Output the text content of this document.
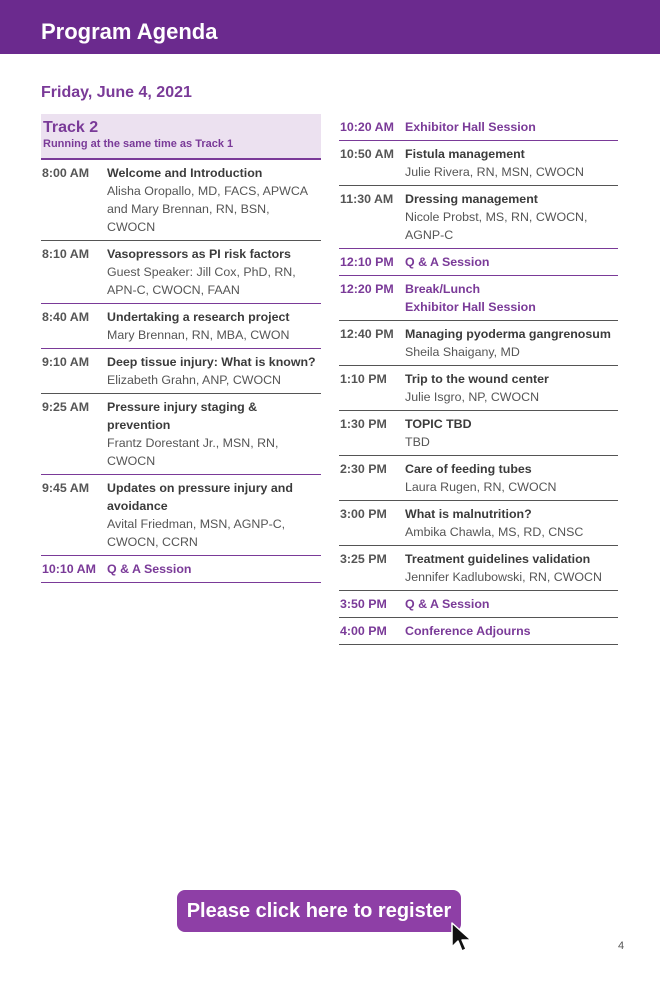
Program Agenda
Friday, June 4, 2021
Track 2
Running at the same time as Track 1
8:00 AM	Welcome and Introduction
Alisha Oropallo, MD, FACS, APWCA and Mary Brennan, RN, BSN, CWOCN
8:10 AM	Vasopressors as PI risk factors
Guest Speaker: Jill Cox, PhD, RN, APN-C, CWOCN, FAAN
8:40 AM	Undertaking a research project
Mary Brennan, RN, MBA, CWON
9:10 AM	Deep tissue injury: What is known?
Elizabeth Grahn, ANP, CWOCN
9:25 AM	Pressure injury staging & prevention
Frantz Dorestant Jr., MSN, RN, CWOCN
9:45 AM	Updates on pressure injury and avoidance
Avital Friedman, MSN, AGNP-C, CWOCN, CCRN
10:10 AM Q & A Session
10:20 AM Exhibitor Hall Session
10:50 AM Fistula management
Julie Rivera, RN, MSN, CWOCN
11:30 AM Dressing management
Nicole Probst, MS, RN, CWOCN, AGNP-C
12:10 PM Q & A Session
12:20 PM Break/Lunch
Exhibitor Hall Session
12:40 PM Managing pyoderma gangrenosum
Sheila Shaigany, MD
1:10 PM	Trip to the wound center
Julie Isgro, NP, CWOCN
1:30 PM	TOPIC TBD
TBD
2:30 PM	Care of feeding tubes
Laura Rugen, RN, CWOCN
3:00 PM	What is malnutrition?
Ambika Chawla, MS, RD, CNSC
3:25 PM	Treatment guidelines validation
Jennifer Kadlubowski, RN, CWOCN
3:50 PM	Q & A Session
4:00 PM	Conference Adjourns
Please click here to register
4
